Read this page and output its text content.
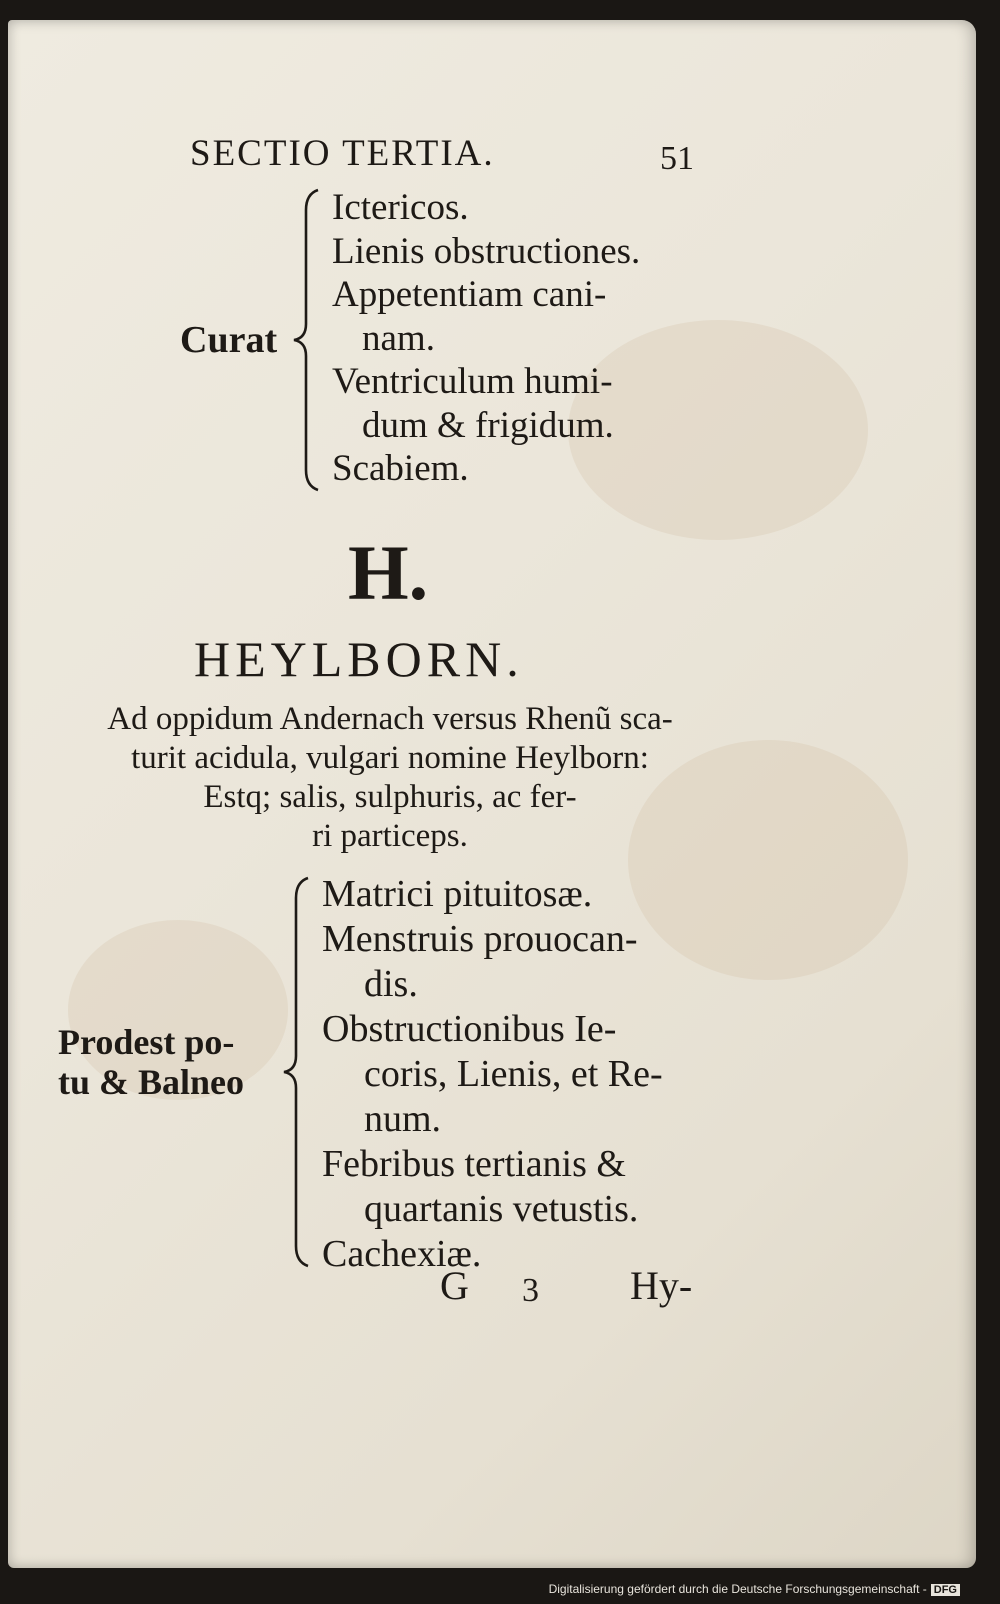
SECTIO TERTIA.	51
Curat
Ictericos.
Lienis obstructiones.
Appetentiam cani-
nam.
Ventriculum humi-
dum & frigidum.
Scabiem.
H.
HEYLBORN.
Ad oppidum Andernach versus Rhenũ sca-
turit acidula, vulgari nomine Heylborn:
Estq; salis, sulphuris, ac fer-
ri particeps.
Prodest po-
tu & Balneo
Matrici pituitosæ.
Menstruis prouocan-
dis.
Obstructionibus Ie-
coris, Lienis, et Re-
num.
Febribus tertianis &
quartanis vetustis.
Cachexiæ.
G 3 Hy-
Digitalisierung gefördert durch die Deutsche Forschungsgemeinschaft - DFG
